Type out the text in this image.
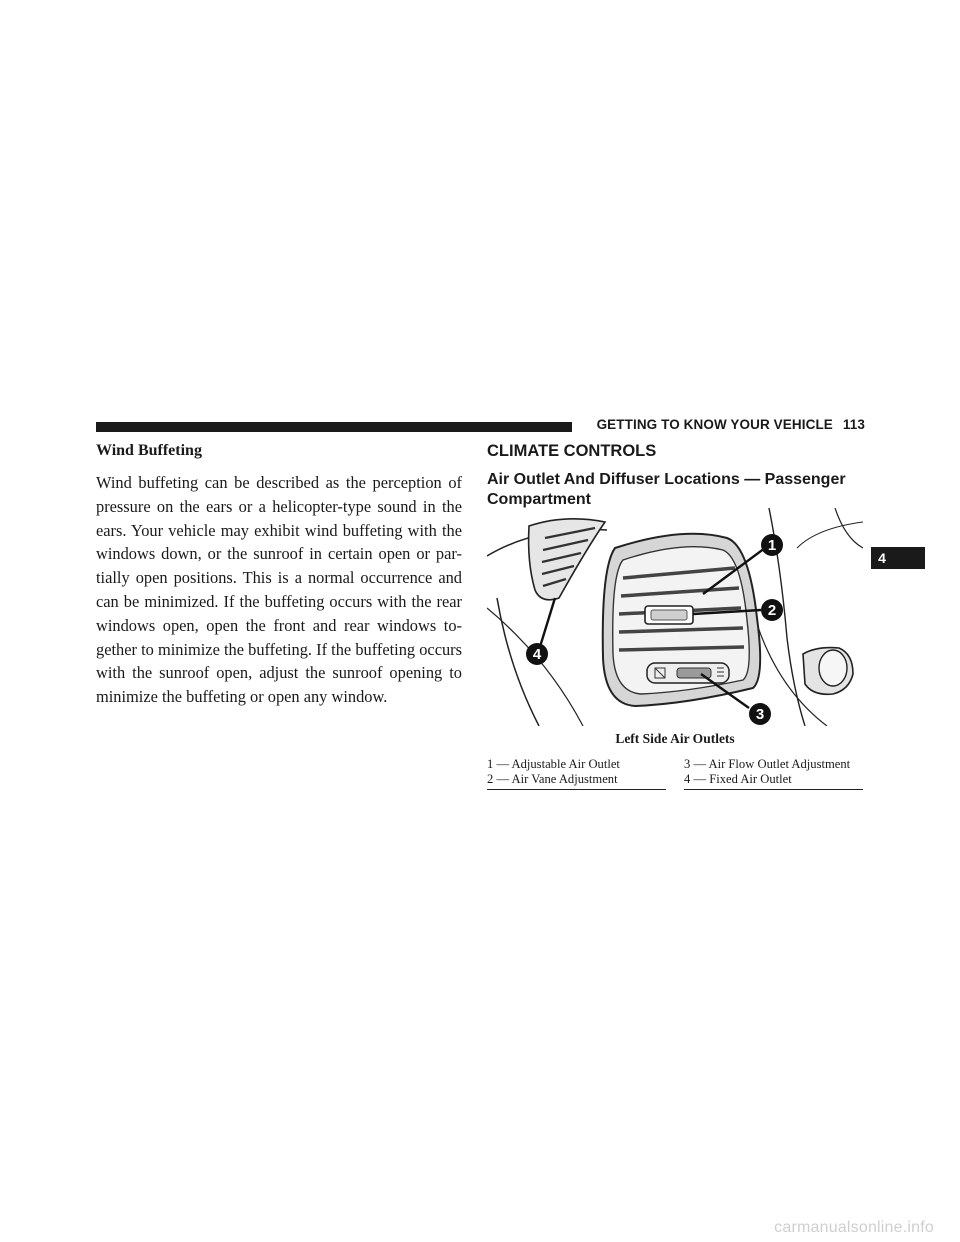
GETTING TO KNOW YOUR VEHICLE 113
Wind Buffeting
Wind buffeting can be described as the perception of pressure on the ears or a helicopter-type sound in the ears. Your vehicle may exhibit wind buffeting with the windows down, or the sunroof in certain open or par- tially open positions. This is a normal occurrence and can be minimized. If the buffeting occurs with the rear windows open, open the front and rear windows to- gether to minimize the buffeting. If the buffeting occurs with the sunroof open, adjust the sunroof opening to minimize the buffeting or open any window.
CLIMATE CONTROLS
Air Outlet And Diffuser Locations — Passenger Compartment
1
2
3
4
Left Side Air Outlets
1 — Adjustable Air Outlet
2 — Air Vane Adjustment
3 — Air Flow Outlet Adjustment
4 — Fixed Air Outlet
4
carmanualsonline.info
